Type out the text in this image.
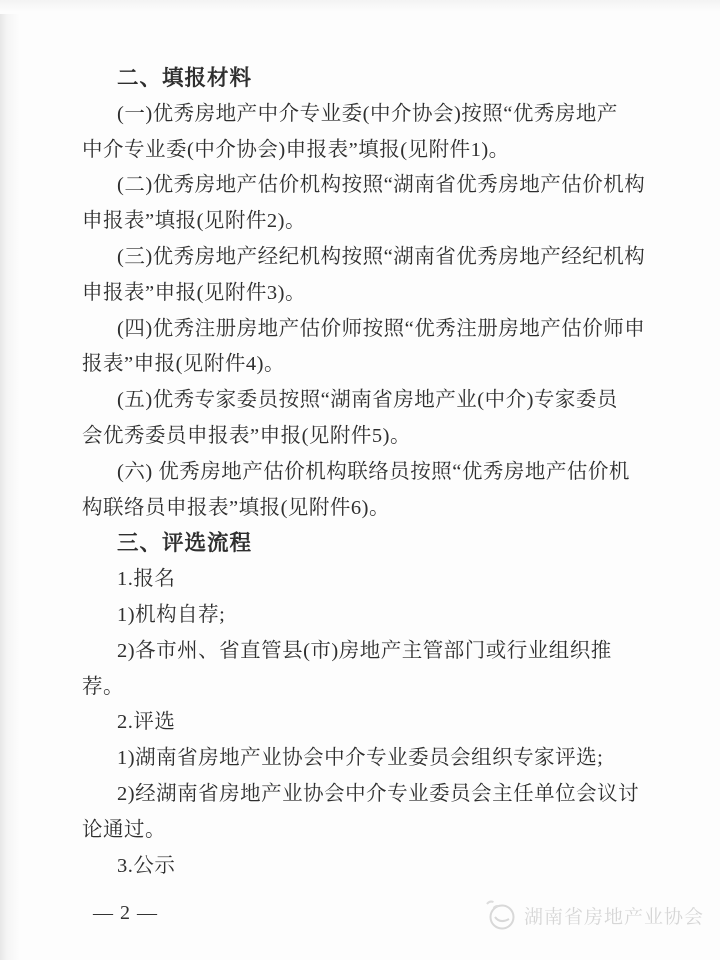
二、填报材料
(一)优秀房地产中介专业委(中介协会)按照“优秀房地产
中介专业委(中介协会)申报表”填报(见附件1)。
(二)优秀房地产估价机构按照“湖南省优秀房地产估价机构
申报表”填报(见附件2)。
(三)优秀房地产经纪机构按照“湖南省优秀房地产经纪机构
申报表”申报(见附件3)。
(四)优秀注册房地产估价师按照“优秀注册房地产估价师申
报表”申报(见附件4)。
(五)优秀专家委员按照“湖南省房地产业(中介)专家委员
会优秀委员申报表”申报(见附件5)。
(六) 优秀房地产估价机构联络员按照“优秀房地产估价机
构联络员申报表”填报(见附件6)。
三、评选流程
1.报名
1)机构自荐;
2)各市州、省直管县(市)房地产主管部门或行业组织推
荐。
2.评选
1)湖南省房地产业协会中介专业委员会组织专家评选;
2)经湖南省房地产业协会中介专业委员会主任单位会议讨
论通过。
3.公示
— 2 —	湖南省房地产业协会
